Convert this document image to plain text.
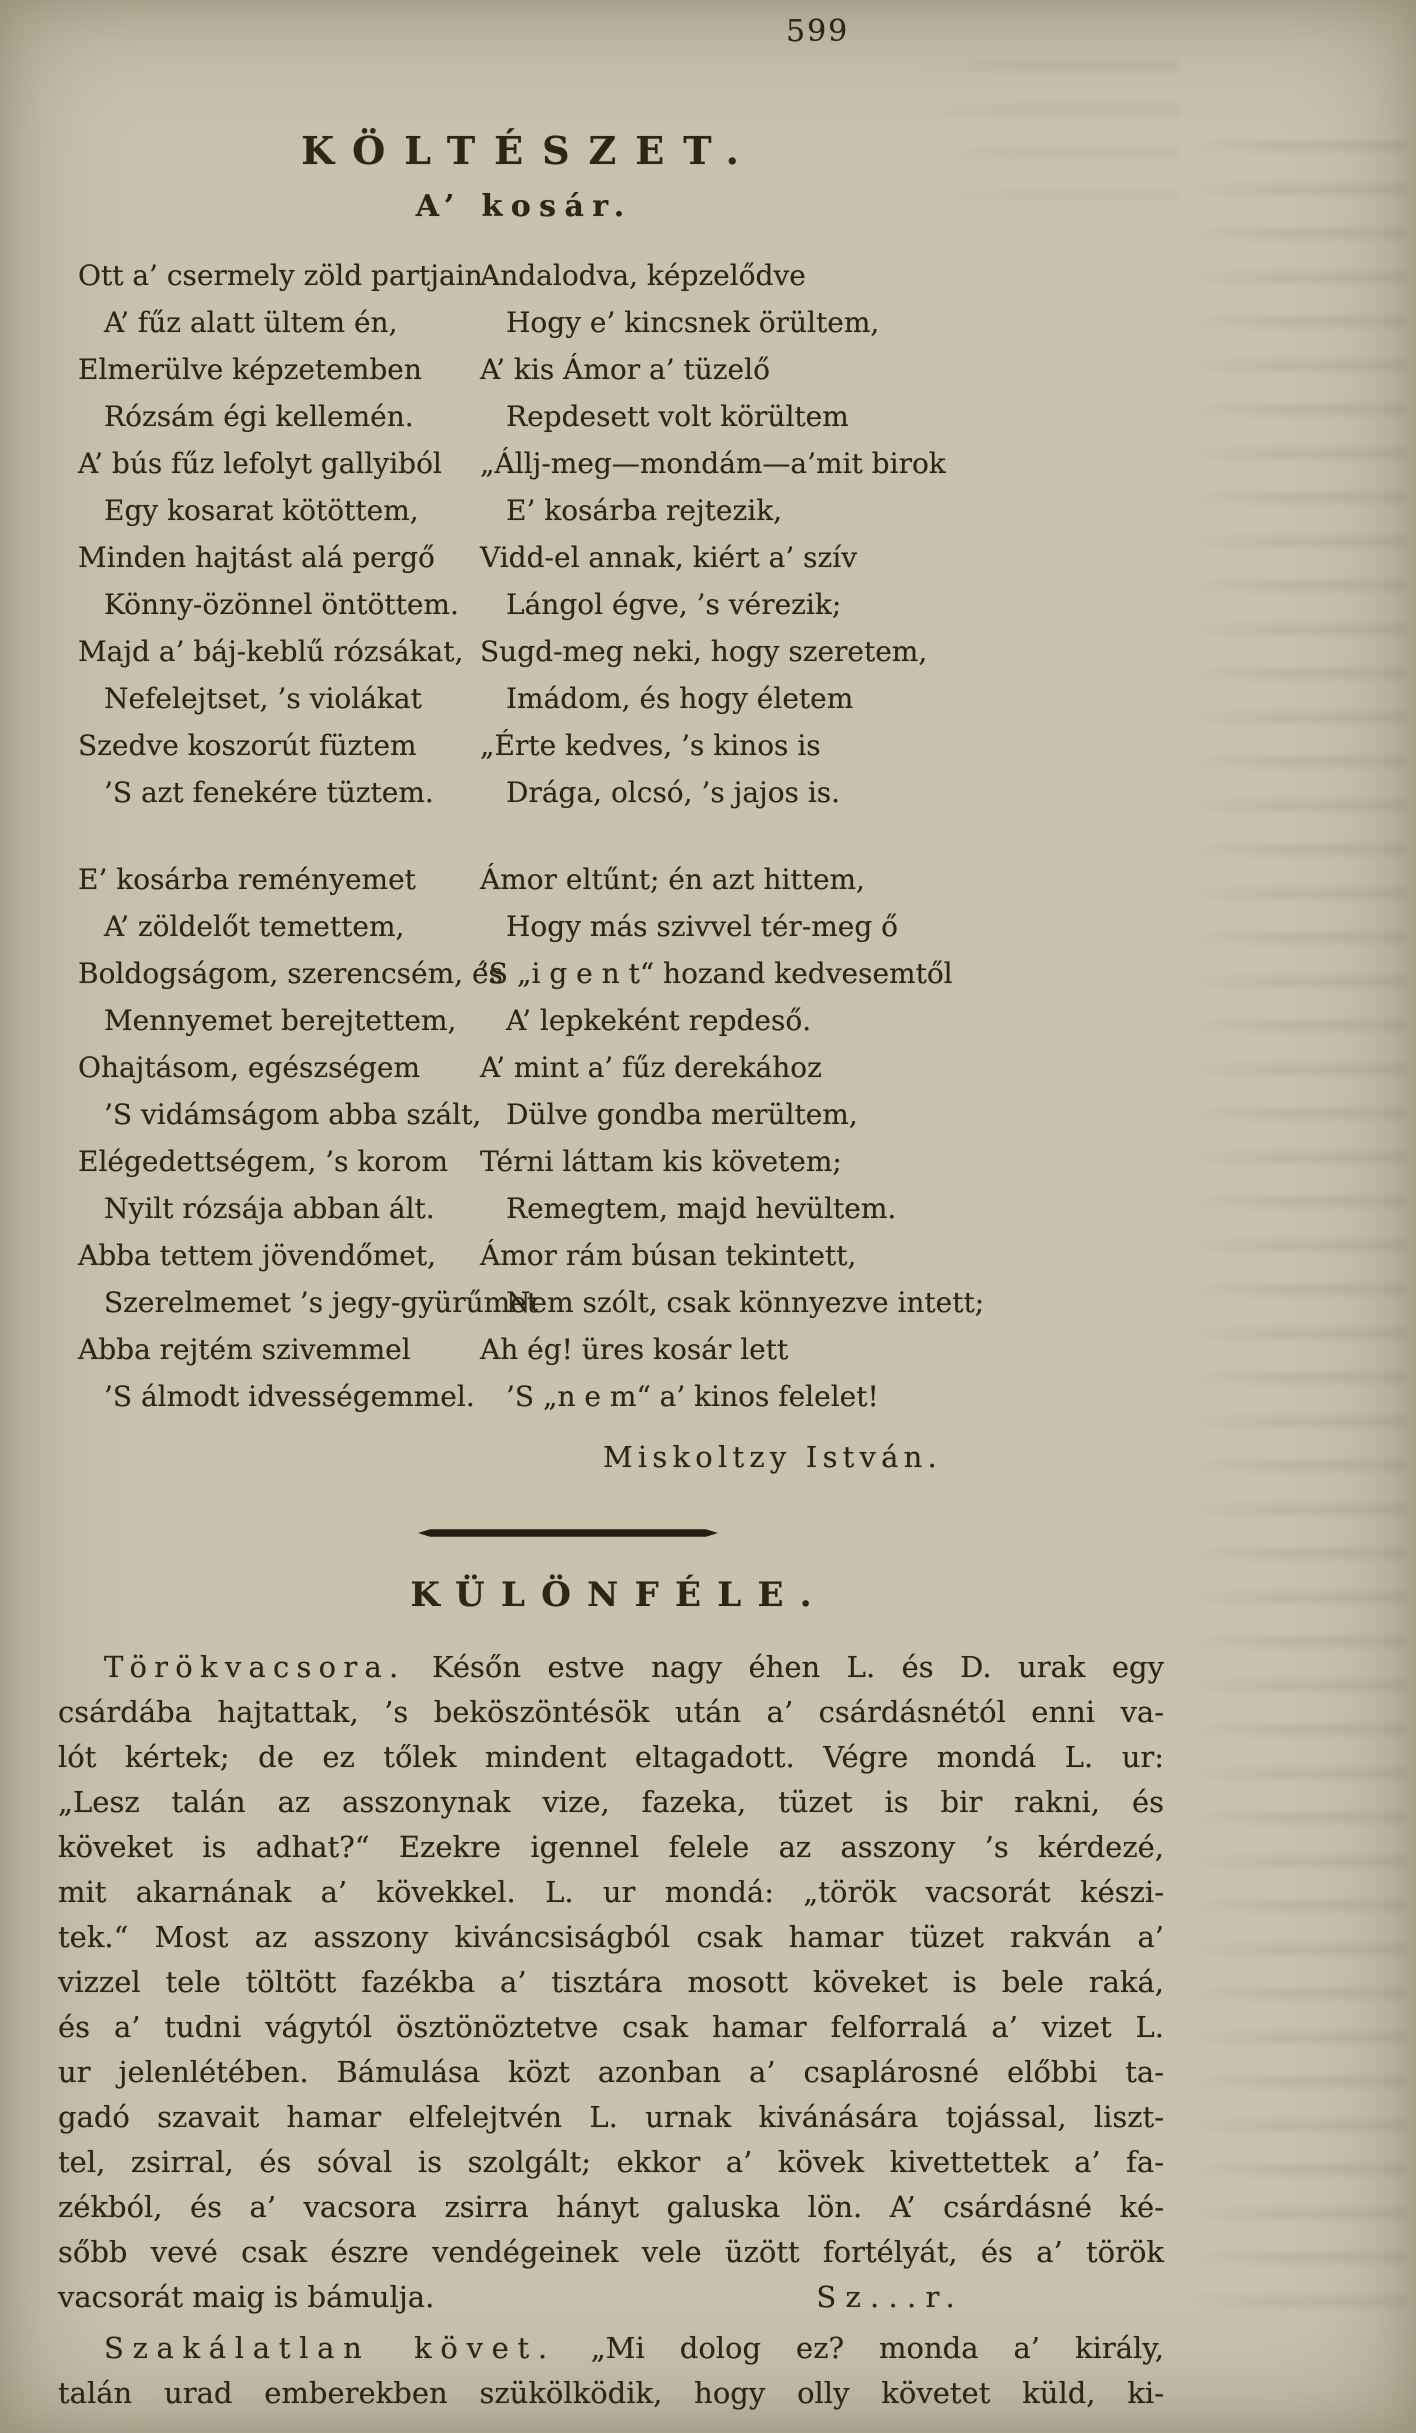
599
KÖLTÉSZET.
A’ kosár.
Ott a’ csermely zöld partjain
A’ fűz alatt ültem én,
Elmerülve képzetemben
Rózsám égi kellemén.
A’ bús fűz lefolyt gallyiból
Egy kosarat kötöttem,
Minden hajtást alá pergő
Könny-özönnel öntöttem.
Majd a’ báj-keblű rózsákat,
Nefelejtset, ’s violákat
Szedve koszorút füztem
’S azt fenekére tüztem.
E’ kosárba reményemet
A’ zöldelőt temettem,
Boldogságom, szerencsém, és
Mennyemet berejtettem,
Ohajtásom, egészségem
’S vidámságom abba szált,
Elégedettségem, ’s korom
Nyilt rózsája abban ált.
Abba tettem jövendőmet,
Szerelmemet ’s jegy-gyürűmet
Abba rejtém szivemmel
’S álmodt idvességemmel.
Andalodva, képzelődve
Hogy e’ kincsnek örültem,
A’ kis Ámor a’ tüzelő
Repdesett volt körültem
„Állj-meg—mondám—a’mit birok
E’ kosárba rejtezik,
Vidd-el annak, kiért a’ szív
Lángol égve, ’s vérezik;
Sugd-meg neki, hogy szeretem,
Imádom, és hogy életem
„Érte kedves, ’s kinos is
Drága, olcsó, ’s jajos is.
Ámor eltűnt; én azt hittem,
Hogy más szivvel tér-meg ő
’S „i g e n t“ hozand kedvesemtől
A’ lepkeként repdeső.
A’ mint a’ fűz derekához
Dülve gondba merültem,
Térni láttam kis követem;
Remegtem, majd hevültem.
Ámor rám búsan tekintett,
Nem szólt, csak könnyezve intett;
Ah ég! üres kosár lett
’S „n e m“ a’ kinos felelet!
Miskoltzy István.
KÜLÖNFÉLE.
Törökvacsora. Későn estve nagy éhen L. és D. urak egy
csárdába hajtattak, ’s beköszöntésök után a’ csárdásnétól enni va-
lót kértek; de ez tőlek mindent eltagadott. Végre mondá L. ur:
„Lesz talán az asszonynak vize, fazeka, tüzet is bir rakni, és
köveket is adhat?“ Ezekre igennel felele az asszony ’s kérdezé,
mit akarnának a’ kövekkel. L. ur mondá: „török vacsorát készi-
tek.“ Most az asszony kiváncsiságból csak hamar tüzet rakván a’
vizzel tele töltött fazékba a’ tisztára mosott köveket is bele raká,
és a’ tudni vágytól ösztönöztetve csak hamar felforralá a’ vizet L.
ur jelenlétében. Bámulása közt azonban a’ csaplárosné előbbi ta-
gadó szavait hamar elfelejtvén L. urnak kivánására tojással, liszt-
tel, zsirral, és sóval is szolgált; ekkor a’ kövek kivettettek a’ fa-
zékból, és a’ vacsora zsirra hányt galuska lön. A’ csárdásné ké-
sőbb vevé csak észre vendégeinek vele üzött fortélyát, és a’ török
vacsorát maig is bámulja.	Sz...r.
Szakálatlan követ. „Mi dolog ez? monda a’ király,
talán urad emberekben szükölködik, hogy olly követet küld, ki-
